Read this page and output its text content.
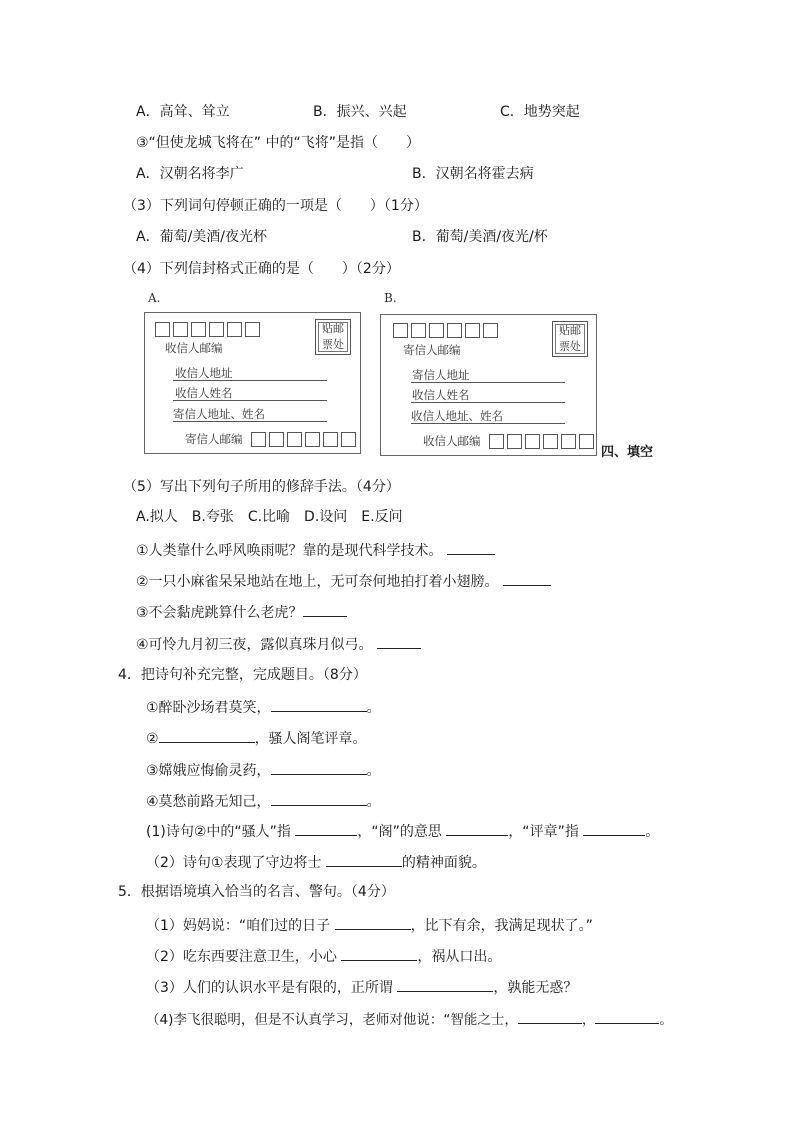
A．高耸、耸立	B．振兴、兴起	C．地势突起
③“但使龙城飞将在” 中的“飞将”是指（　　）
A．汉朝名将李广	B．汉朝名将霍去病
（3）下列词句停顿正确的一项是（　　）（1分）
A．葡萄/美酒/夜光杯	B．葡萄/美酒/夜光/杯
（4）下列信封格式正确的是（　　）（2分）
A.
收信人邮编
贴邮
票处
收信人地址
收信人姓名
寄信人地址、姓名
寄信人邮编
B.
寄信人邮编
贴邮
票处
寄信人地址
收信人姓名
收信人地址、姓名
收信人邮编
四、填空
（5）写出下列句子所用的修辞手法。（4分）
A.拟人　B.夸张　C.比喻　D.设问　E.反问
①人类靠什么呼风唤雨呢？靠的是现代科学技术。
②一只小麻雀呆呆地站在地上，无可奈何地拍打着小翅膀。
③不会黏虎跳算什么老虎？
④可怜九月初三夜，露似真珠月似弓。
4．把诗句补充完整，完成题目。（8分）
①醉卧沙场君莫笑，	。
②	，骚人阁笔评章。
③嫦娥应悔偷灵药，	。
④莫愁前路无知己，	。
(1)诗句②中的“骚人”指	，“阁”的意思	，“评章”指	。
（2）诗句①表现了守边将士	的精神面貌。
5．根据语境填入恰当的名言、警句。（4分）
（1）妈妈说：“咱们过的日子	，比下有余，我满足现状了。”
（2）吃东西要注意卫生，小心	，祸从口出。
（3）人们的认识水平是有限的，正所谓	，孰能无惑？
（4)李飞很聪明，但是不认真学习，老师对他说：“智能之士，	，	。
